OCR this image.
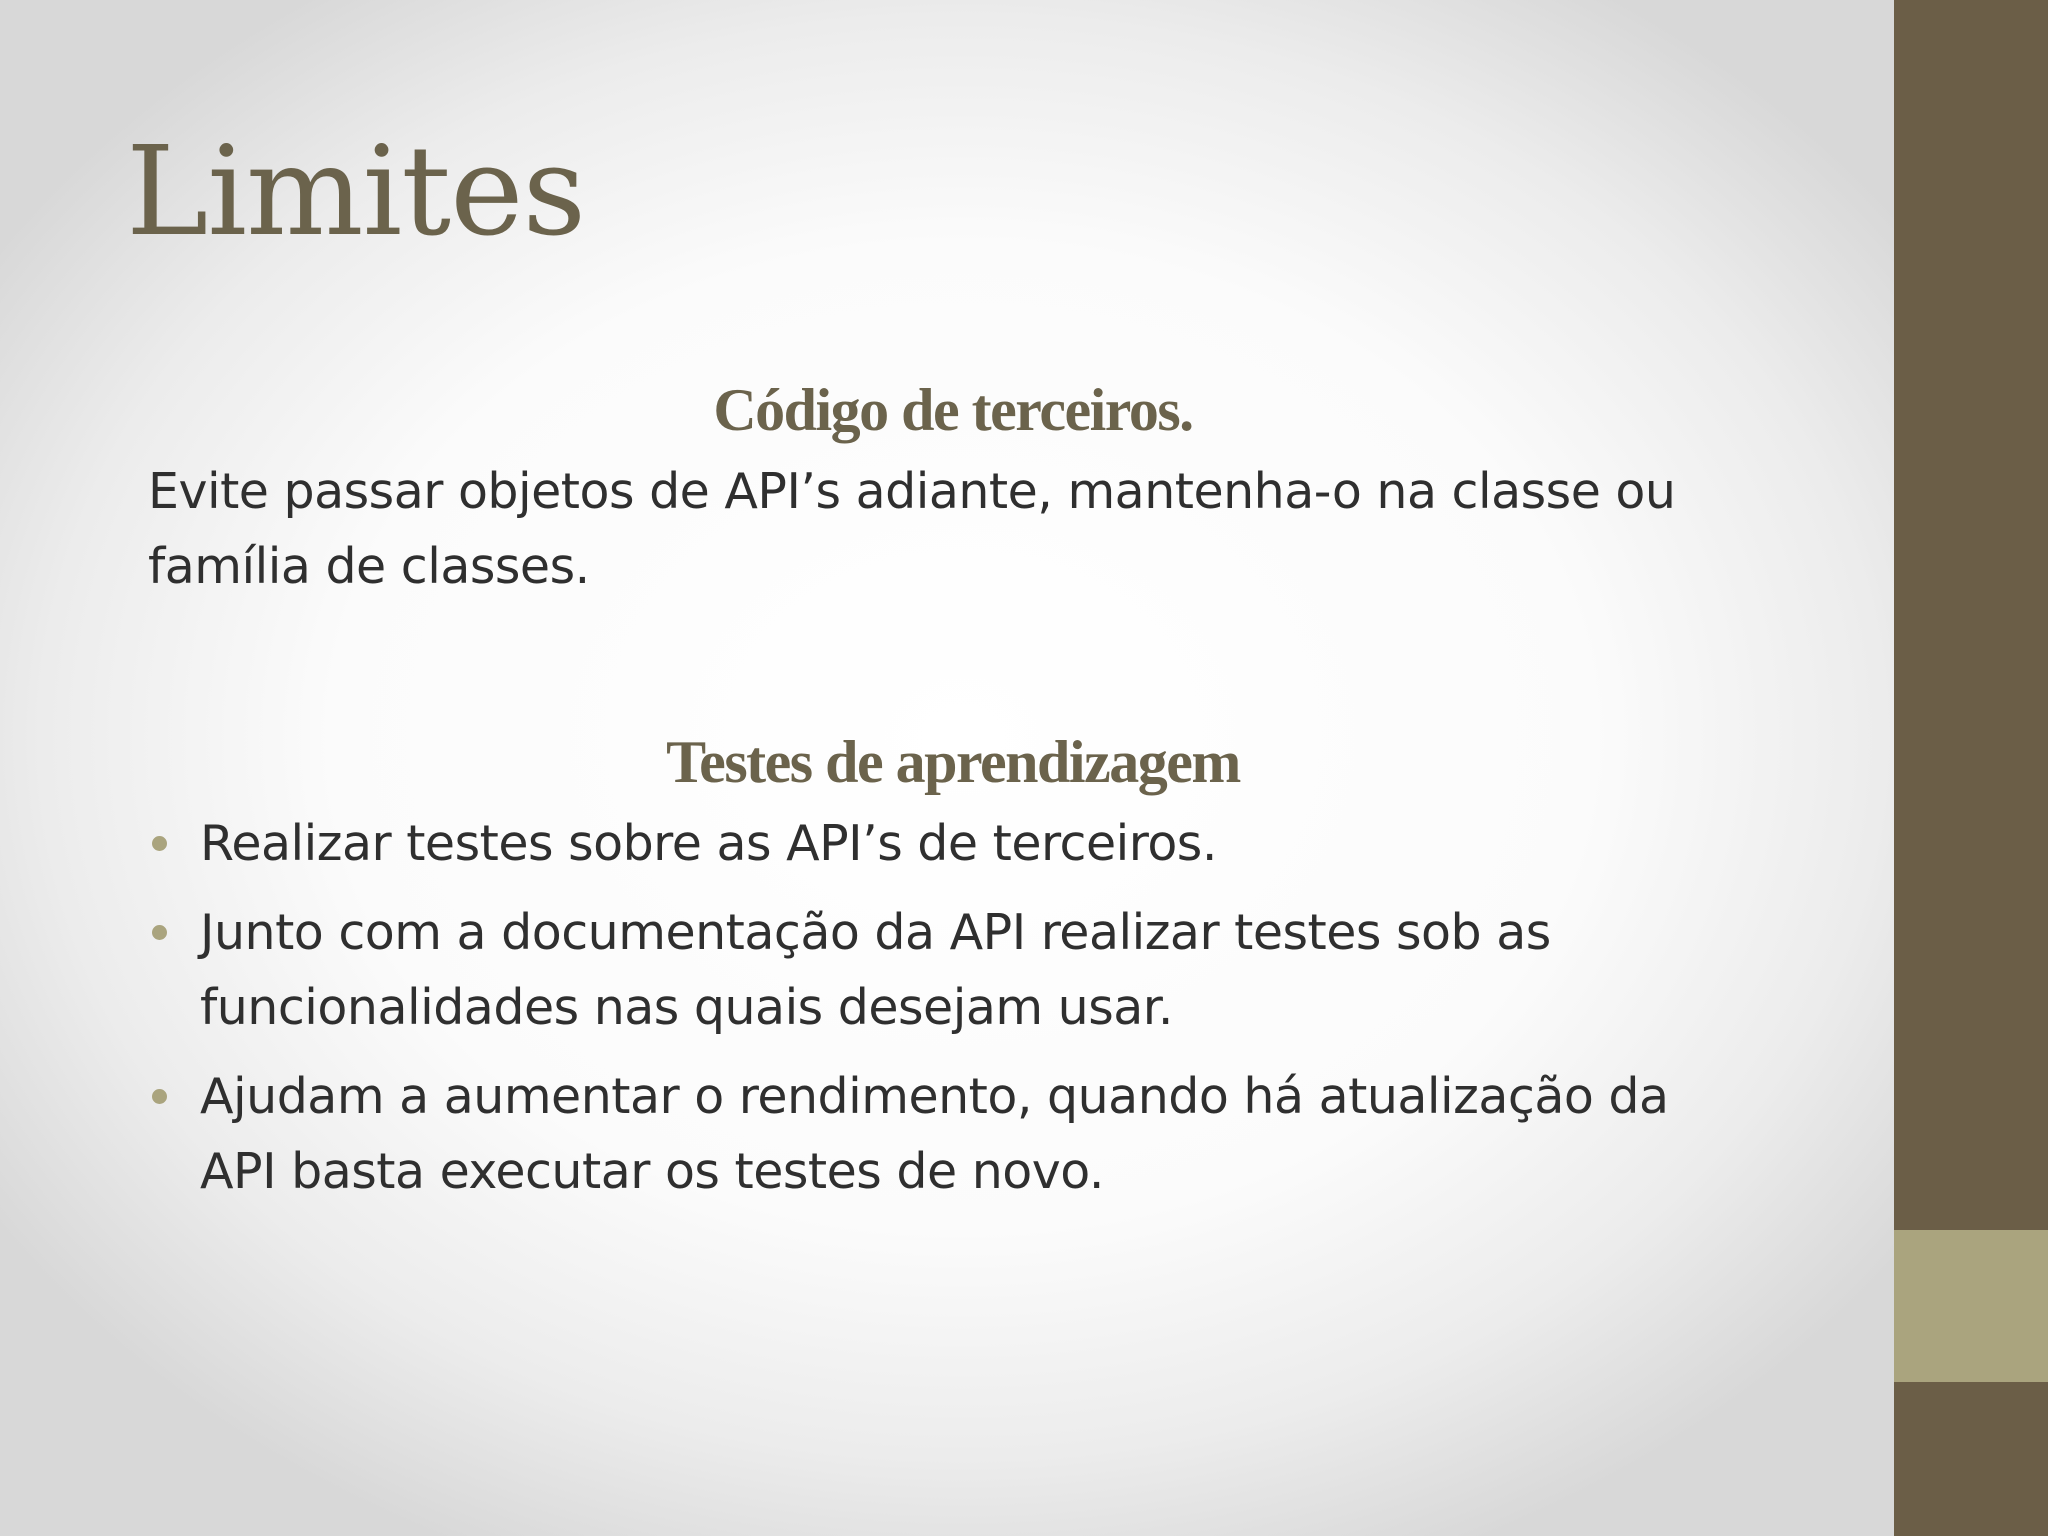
Limites
Código de terceiros.

Evite passar objetos de API’s adiante, mantenha-o na classe ou família de classes.

Testes de aprendizagem
Realizar testes sobre as API’s de terceiros.
Junto com a documentação da API realizar testes sob as funcionalidades nas quais desejam usar.
Ajudam a aumentar o rendimento, quando há atualização da API basta executar os testes de novo.
